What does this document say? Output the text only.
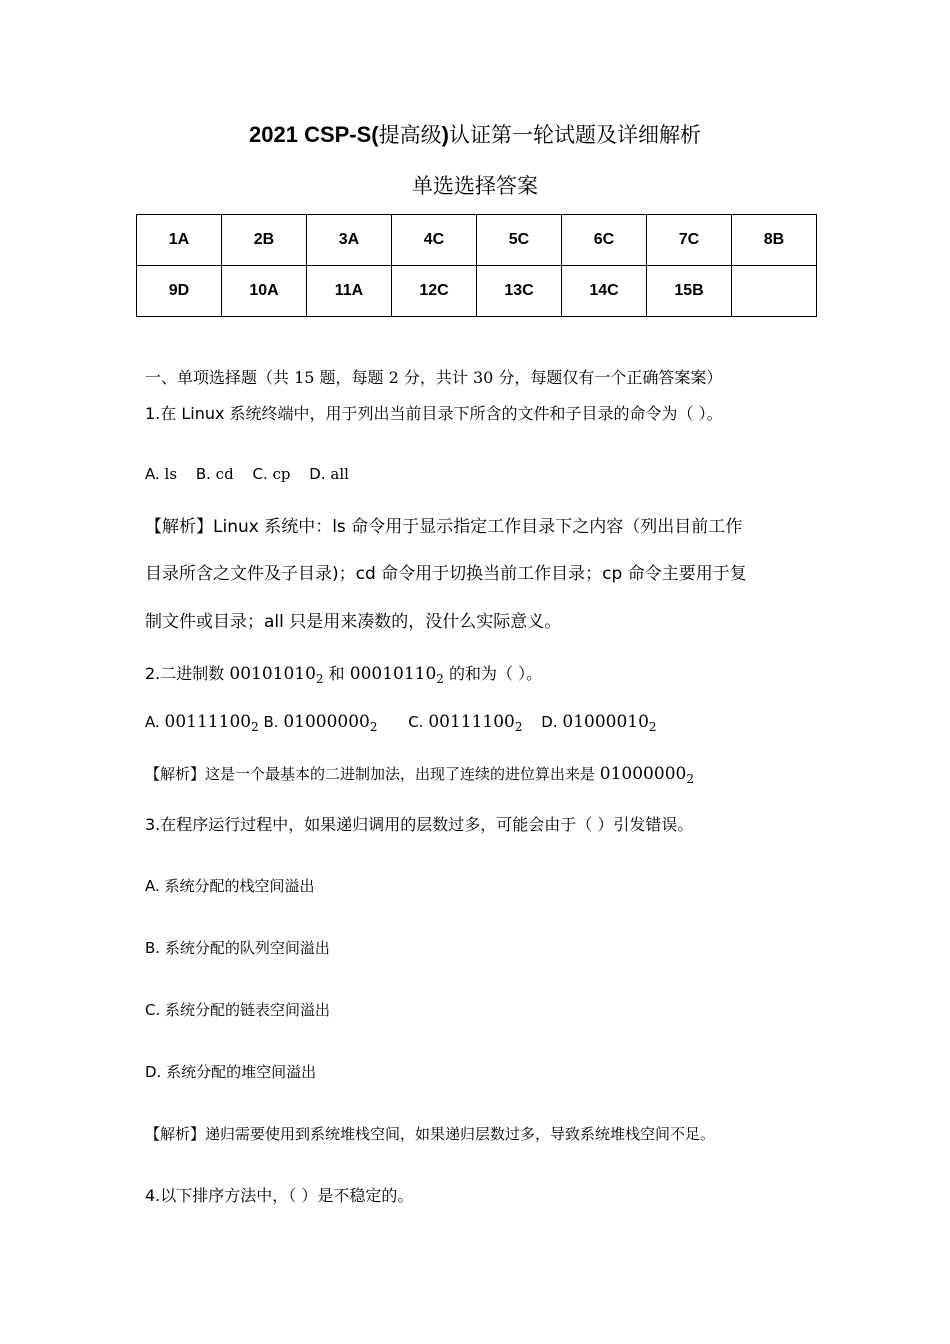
2021 CSP-S(提高级)认证第一轮试题及详细解析
单选选择答案
1A	2B	3A	4C	5C	6C	7C	8B
9D	10A	11A	12C	13C	14C	15B	
一、单项选择题（共 15 题，每题 2 分，共计 30 分，每题仅有一个正确答案案）
1.在 Linux 系统终端中，用于列出当前目录下所含的文件和子目录的命令为（ ）。
A. ls B. cd C. cp D. all
【解析】Linux 系统中：ls 命令用于显示指定工作目录下之内容（列出目前工作
目录所含之文件及子目录)；cd 命令用于切换当前工作目录；cp 命令主要用于复
制文件或目录；all 只是用来凑数的，没什么实际意义。
2.二进制数 $00101010_2$ 和 $00010110_2$ 的和为（ ）。
A. $00111100_2$ B. $01000000_2$ C. $00111100_2$ D. $01000010_2$
【解析】这是一个最基本的二进制加法，出现了连续的进位算出来是 $01000000_2$
3.在程序运行过程中，如果递归调用的层数过多，可能会由于（ ）引发错误。
A. 系统分配的栈空间溢出
B. 系统分配的队列空间溢出
C. 系统分配的链表空间溢出
D. 系统分配的堆空间溢出
【解析】递归需要使用到系统堆栈空间，如果递归层数过多，导致系统堆栈空间不足。
4.以下排序方法中，（ ）是不稳定的。
